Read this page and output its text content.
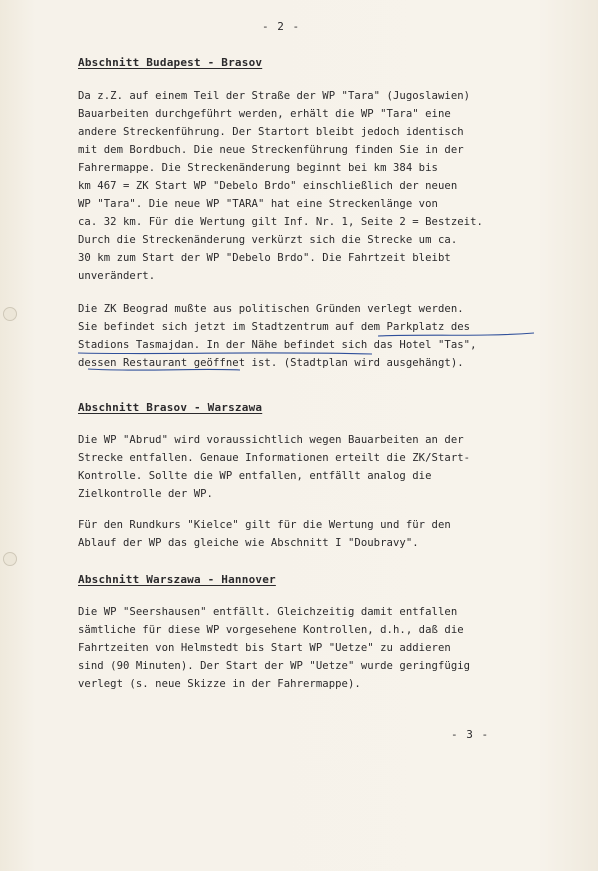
- 2 -
Abschnitt Budapest - Brasov
Da z.Z. auf einem Teil der Straße der WP "Tara" (Jugoslawien)
Bauarbeiten durchgeführt werden, erhält die WP "Tara" eine
andere Streckenführung. Der Startort bleibt jedoch identisch
mit dem Bordbuch. Die neue Streckenführung finden Sie in der
Fahrermappe. Die Streckenänderung beginnt bei km 384 bis
km 467 = ZK Start WP "Debelo Brdo" einschließlich der neuen
WP "Tara". Die neue WP "TARA" hat eine Streckenlänge von
ca. 32 km. Für die Wertung gilt Inf. Nr. 1, Seite 2 = Bestzeit.
Durch die Streckenänderung verkürzt sich die Strecke um ca.
30 km zum Start der WP "Debelo Brdo". Die Fahrtzeit bleibt
unverändert.
Die ZK Beograd mußte aus politischen Gründen verlegt werden.
Sie befindet sich jetzt im Stadtzentrum auf dem Parkplatz des
Stadions Tasmajdan. In der Nähe befindet sich das Hotel "Tas",
dessen Restaurant geöffnet ist. (Stadtplan wird ausgehängt).
Abschnitt Brasov - Warszawa
Die WP "Abrud" wird voraussichtlich wegen Bauarbeiten an der
Strecke entfallen. Genaue Informationen erteilt die ZK/Start-
Kontrolle. Sollte die WP entfallen, entfällt analog die
Zielkontrolle der WP.
Für den Rundkurs "Kielce" gilt für die Wertung und für den
Ablauf der WP das gleiche wie Abschnitt I "Doubravy".
Abschnitt Warszawa - Hannover
Die WP "Seershausen" entfällt. Gleichzeitig damit entfallen
sämtliche für diese WP vorgesehene Kontrollen, d.h., daß die
Fahrtzeiten von Helmstedt bis Start WP "Uetze" zu addieren
sind (90 Minuten). Der Start der WP "Uetze" wurde geringfügig
verlegt (s. neue Skizze in der Fahrermappe).
- 3 -
